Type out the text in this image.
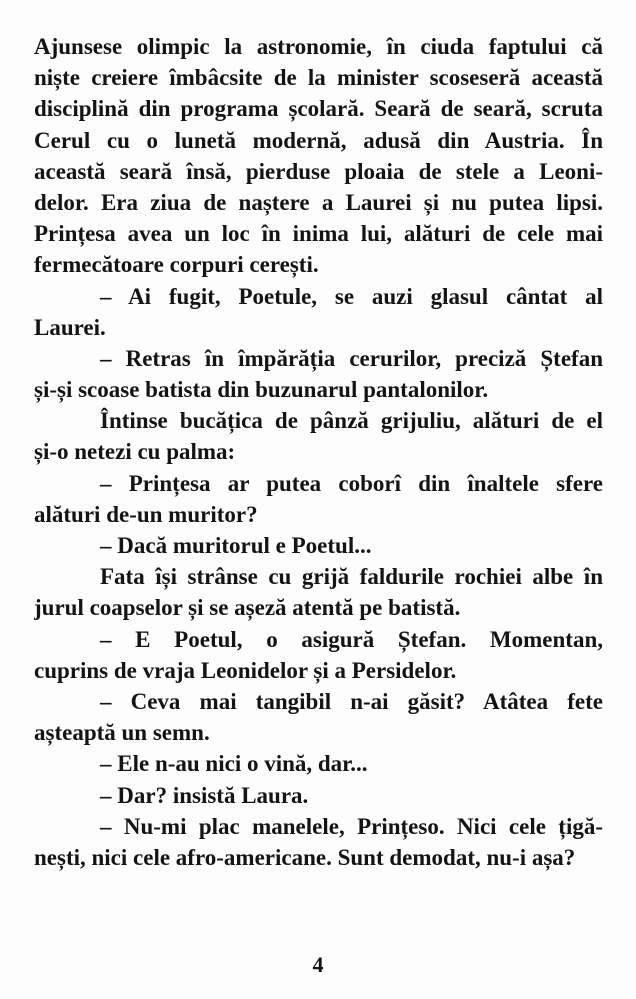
Ajunsese olimpic la astronomie, în ciuda faptului că
niște creiere îmbâcsite de la minister scoseseră această
disciplină din programa școlară. Seară de seară, scruta
Cerul cu o lunetă modernă, adusă din Austria. În
această seară însă, pierduse ploaia de stele a Leoni-
delor. Era ziua de naștere a Laurei și nu putea lipsi.
Prințesa avea un loc în inima lui, alături de cele mai
fermecătoare corpuri cerești.
– Ai fugit, Poetule, se auzi glasul cântat al
Laurei.
– Retras în împărăția cerurilor, preciză Ștefan
și-și scoase batista din buzunarul pantalonilor.
Întinse bucățica de pânză grijuliu, alături de el
și-o netezi cu palma:
– Prințesa ar putea coborî din înaltele sfere
alături de-un muritor?
– Dacă muritorul e Poetul...
Fata își strânse cu grijă faldurile rochiei albe în
jurul coapselor și se așeză atentă pe batistă.
– E Poetul, o asigură Ștefan. Momentan,
cuprins de vraja Leonidelor și a Persidelor.
– Ceva mai tangibil n-ai găsit? Atâtea fete
așteaptă un semn.
– Ele n-au nici o vină, dar...
– Dar? insistă Laura.
– Nu-mi plac manelele, Prințeso. Nici cele țigă-
nești, nici cele afro-americane. Sunt demodat, nu-i așa?
4
